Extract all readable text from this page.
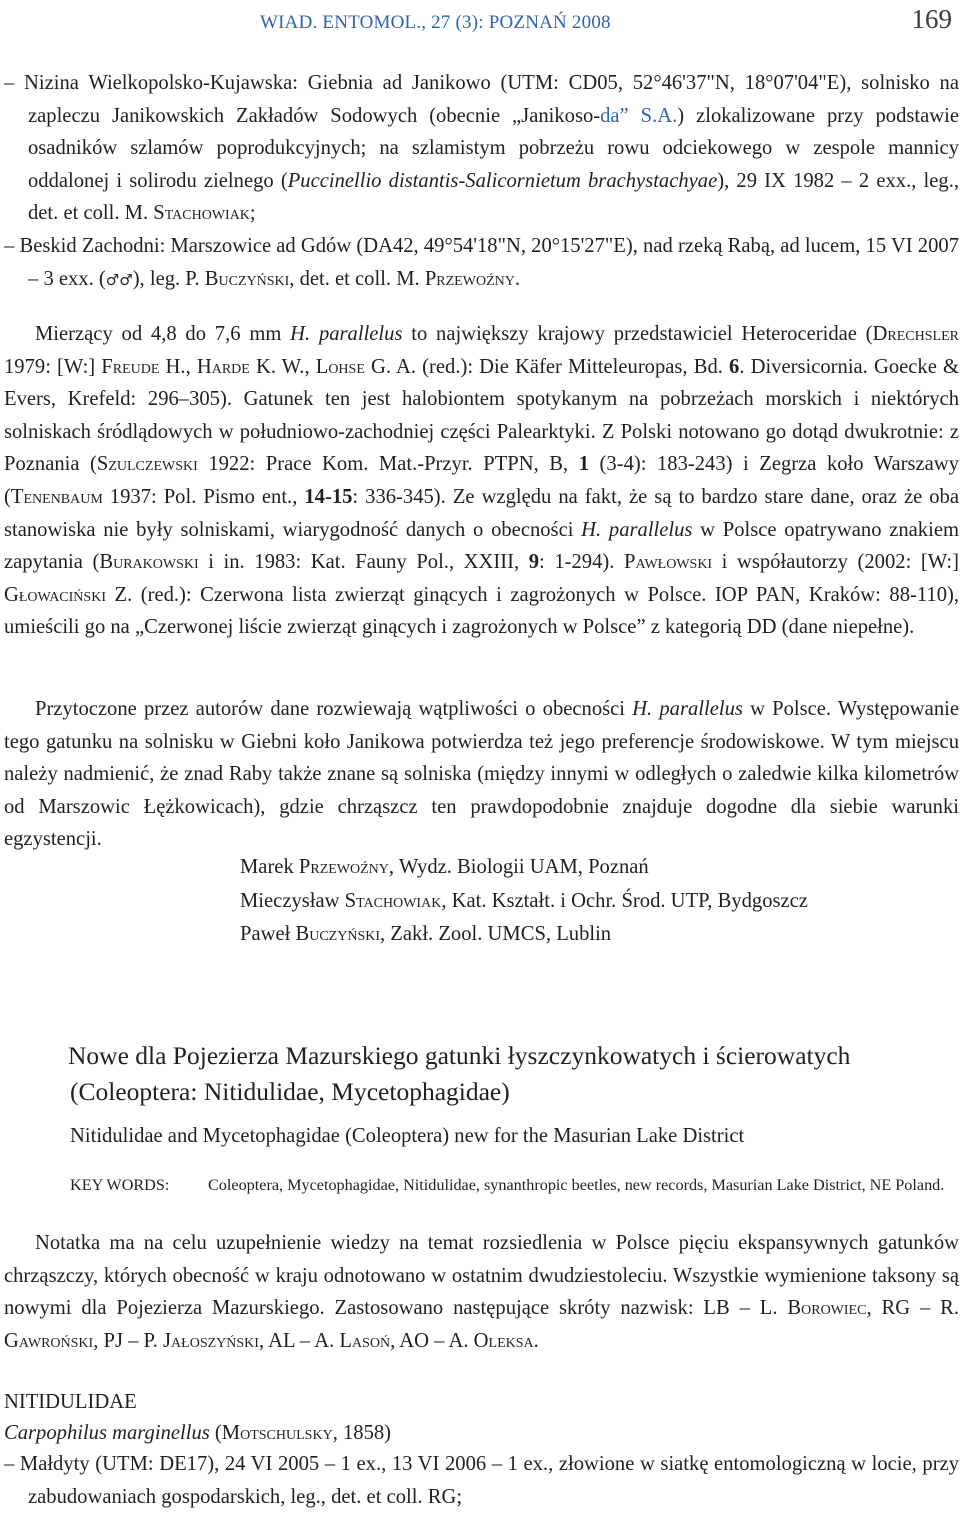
WIAD. ENTOMOL., 27 (3): POZNAŃ 2008	169

– Nizina Wielkopolsko-Kujawska: Giebnia ad Janikowo (UTM: CD05, 52°46'37"N, 18°07'04"E), solnisko na zapleczu Janikowskich Zakładów Sodowych (obecnie „Janikoso-da” S.A.) zlokalizowane przy podstawie osadników szlamów poprodukcyjnych; na szlamistym pobrzeżu rowu odciekowego w zespole mannicy oddalonej i solirodu zielnego (Puccinellio distantis-Salicornietum brachystachyae), 29 IX 1982 – 2 exx., leg., det. et coll. M. Stachowiak;

– Beskid Zachodni: Marszowice ad Gdów (DA42, 49°54'18"N, 20°15'27"E), nad rzeką Rabą, ad lucem, 15 VI 2007 – 3 exx. (♂♂), leg. P. Buczyński, det. et coll. M. Przewoźny.

Mierzący od 4,8 do 7,6 mm H. parallelus to największy krajowy przedstawiciel Heteroceridae (Drechsler 1979: [W:] Freude H., Harde K. W., Lohse G. A. (red.): Die Käfer Mitteleuropas, Bd. 6. Diversicornia. Goecke & Evers, Krefeld: 296–305). Gatunek ten jest halobiontem spotykanym na pobrzeżach morskich i niektórych solniskach śródlądowych w południowo-zachodniej części Palearktyki. Z Polski notowano go dotąd dwukrotnie: z Poznania (Szulczewski 1922: Prace Kom. Mat.-Przyr. PTPN, B, 1 (3-4): 183-243) i Zegrza koło Warszawy (Tenenbaum 1937: Pol. Pismo ent., 14-15: 336-345). Ze względu na fakt, że są to bardzo stare dane, oraz że oba stanowiska nie były solniskami, wiarygodność danych o obecności H. parallelus w Polsce opatrywano znakiem zapytania (Burakowski i in. 1983: Kat. Fauny Pol., XXIII, 9: 1-294). Pawłowski i współautorzy (2002: [W:] Głowaciński Z. (red.): Czerwona lista zwierząt ginących i zagrożonych w Polsce. IOP PAN, Kraków: 88-110), umieścili go na „Czerwonej liście zwierząt ginących i zagrożonych w Polsce” z kategorią DD (dane niepełne).

Przytoczone przez autorów dane rozwiewają wątpliwości o obecności H. parallelus w Polsce. Występowanie tego gatunku na solnisku w Giebni koło Janikowa potwierdza też jego preferencje środowiskowe. W tym miejscu należy nadmienić, że znad Raby także znane są solniska (między innymi w odległych o zaledwie kilka kilometrów od Marszowic Łężkowicach), gdzie chrząszcz ten prawdopodobnie znajduje dogodne dla siebie warunki egzystencji.

Marek Przewoźny, Wydz. Biologii UAM, Poznań
Mieczysław Stachowiak, Kat. Kształt. i Ochr. Środ. UTP, Bydgoszcz
Paweł Buczyński, Zakł. Zool. UMCS, Lublin
Nowe dla Pojezierza Mazurskiego gatunki łyszczynkowatych i ścierowatych (Coleoptera: Nitidulidae, Mycetophagidae)
Nitidulidae and Mycetophagidae (Coleoptera) new for the Masurian Lake District
KEY WORDS: Coleoptera, Mycetophagidae, Nitidulidae, synanthropic beetles, new records, Masurian Lake District, NE Poland.

Notatka ma na celu uzupełnienie wiedzy na temat rozsiedlenia w Polsce pięciu ekspansywnych gatunków chrząszczy, których obecność w kraju odnotowano w ostatnim dwudziestoleciu. Wszystkie wymienione taksony są nowymi dla Pojezierza Mazurskiego. Zastosowano następujące skróty nazwisk: LB – L. Borowiec, RG – R. Gawroński, PJ – P. Jałoszyński, AL – A. Lasoń, AO – A. Oleksa.

NITIDULIDAE
Carpophilus marginellus (Motschulsky, 1858)

– Małdyty (UTM: DE17), 24 VI 2005 – 1 ex., 13 VI 2006 – 1 ex., złowione w siatkę entomologiczną w locie, przy zabudowaniach gospodarskich, leg., det. et coll. RG;
